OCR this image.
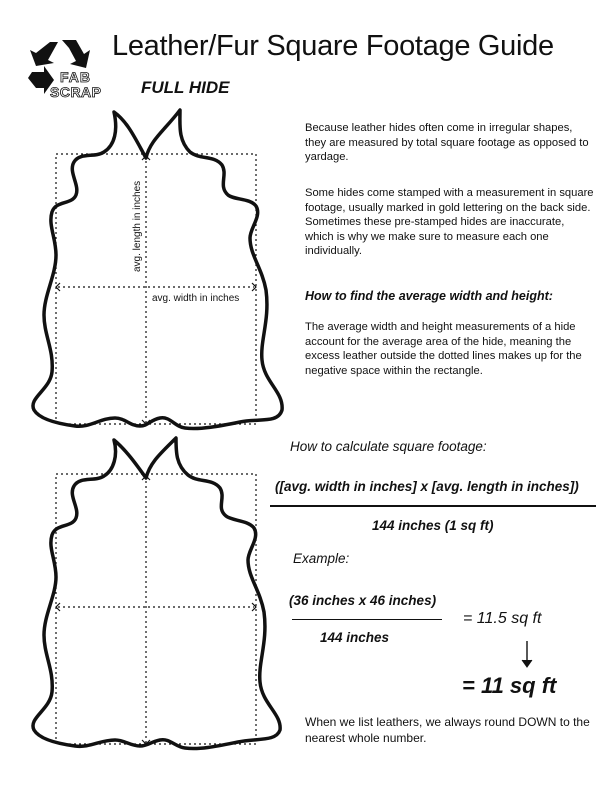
FAB
SCRAP
Leather/Fur Square Footage Guide
FULL HIDE
avg. length in inches
avg. width in inches
Because leather hides often come in irregular shapes, they are measured by total square footage as opposed to yardage.
Some hides come stamped with a measurement in square footage, usually marked in gold lettering on the back side. Sometimes these pre-stamped hides are inaccurate, which is why we make sure to measure each one individually.
How to find the average width and height:
The average width and height measurements of a hide account for the average area of the hide, meaning the excess leather outside the dotted lines makes up for the negative space within the rectangle.
How to calculate square footage:
([avg. width in inches] x [avg. length in inches])
144 inches (1 sq ft)
Example:
(36 inches x 46 inches)
144 inches
= 11.5 sq ft
= 11 sq ft
When we list leathers, we always round DOWN to the nearest whole number.
